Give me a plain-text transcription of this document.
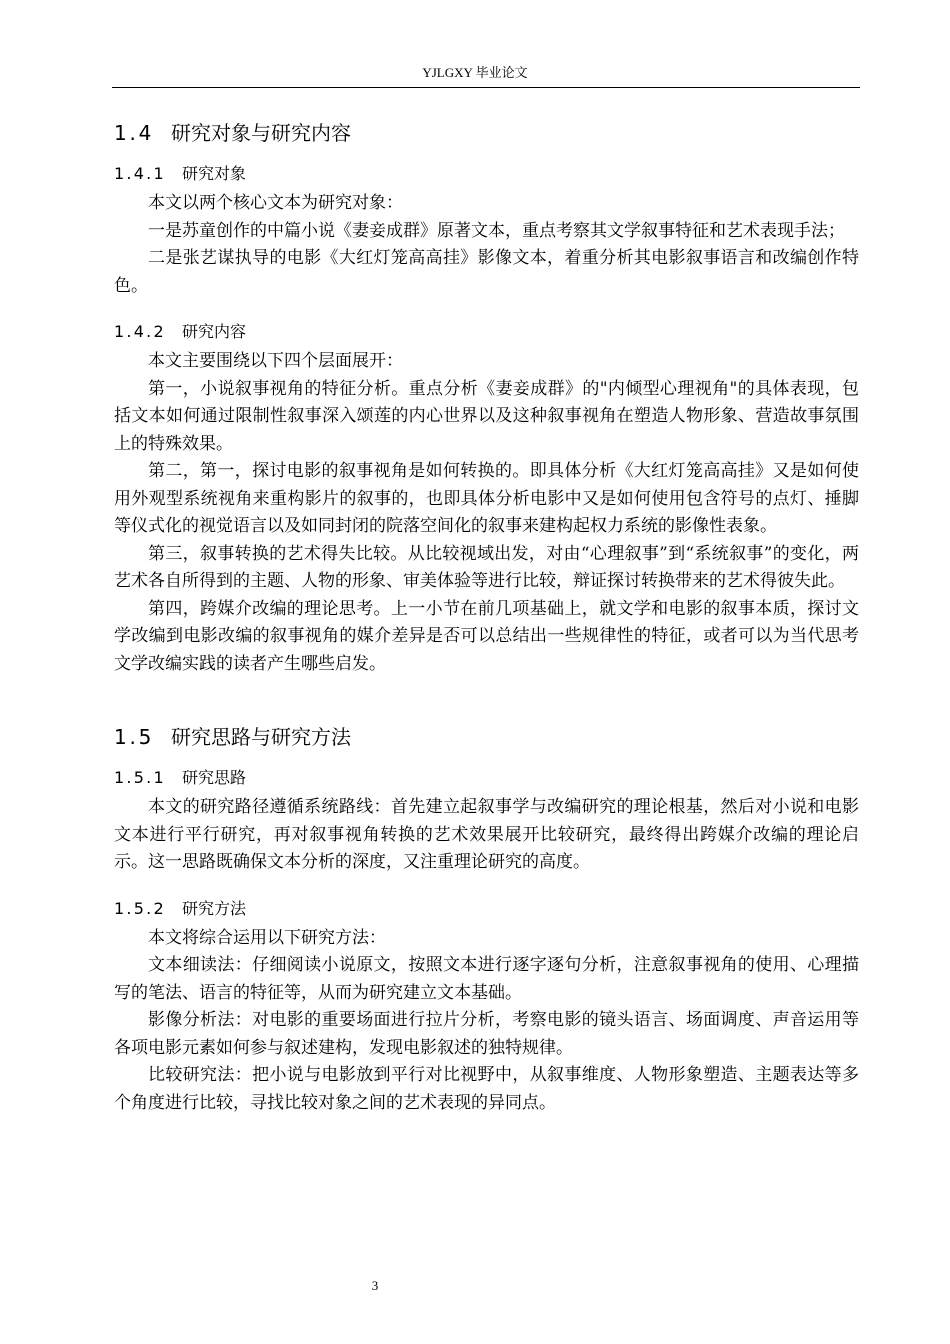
YJLGXY 毕业论文
1.4 研究对象与研究内容
1.4.1 研究对象

本文以两个核心文本为研究对象：

一是苏童创作的中篇小说《妻妾成群》原著文本，重点考察其文学叙事特征和艺术表现手法；

二是张艺谋执导的电影《大红灯笼高高挂》影像文本，着重分析其电影叙事语言和改编创作特色。

1.4.2 研究内容

本文主要围绕以下四个层面展开：

第一，小说叙事视角的特征分析。重点分析《妻妾成群》的"内倾型心理视角"的具体表现，包括文本如何通过限制性叙事深入颂莲的内心世界以及这种叙事视角在塑造人物形象、营造故事氛围上的特殊效果。

第二，第一，探讨电影的叙事视角是如何转换的。即具体分析《大红灯笼高高挂》又是如何使用外观型系统视角来重构影片的叙事的，也即具体分析电影中又是如何使用包含符号的点灯、捶脚等仪式化的视觉语言以及如同封闭的院落空间化的叙事来建构起权力系统的影像性表象。

第三，叙事转换的艺术得失比较。从比较视域出发，对由“心理叙事”到“系统叙事”的变化，两艺术各自所得到的主题、人物的形象、审美体验等进行比较，辩证探讨转换带来的艺术得彼失此。

第四，跨媒介改编的理论思考。上一小节在前几项基础上，就文学和电影的叙事本质，探讨文学改编到电影改编的叙事视角的媒介差异是否可以总结出一些规律性的特征，或者可以为当代思考文学改编实践的读者产生哪些启发。

1.5 研究思路与研究方法
1.5.1 研究思路

本文的研究路径遵循系统路线：首先建立起叙事学与改编研究的理论根基，然后对小说和电影文本进行平行研究，再对叙事视角转换的艺术效果展开比较研究，最终得出跨媒介改编的理论启示。这一思路既确保文本分析的深度，又注重理论研究的高度。

1.5.2 研究方法

本文将综合运用以下研究方法：

文本细读法：仔细阅读小说原文，按照文本进行逐字逐句分析，注意叙事视角的使用、心理描写的笔法、语言的特征等，从而为研究建立文本基础。

影像分析法：对电影的重要场面进行拉片分析，考察电影的镜头语言、场面调度、声音运用等各项电影元素如何参与叙述建构，发现电影叙述的独特规律。

比较研究法：把小说与电影放到平行对比视野中，从叙事维度、人物形象塑造、主题表达等多个角度进行比较，寻找比较对象之间的艺术表现的异同点。

3
